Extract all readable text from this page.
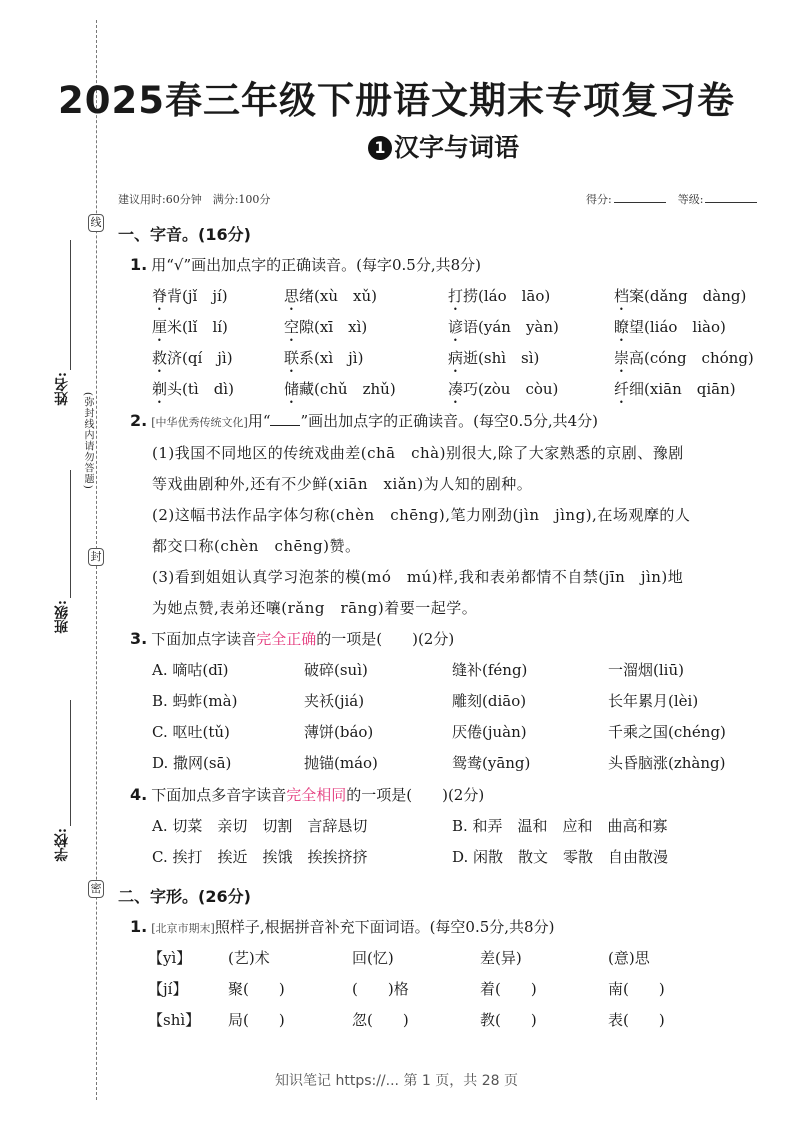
线
封
密
(弥封线内请勿答题)
姓名:
班级:
学校:
2025春三年级下册语文期末专项复习卷
1 汉字与词语
建议用时:60分钟　满分:100分	得分:	等级:
一、字音。(16分)
1. 用“√”画出加点字的正确读音。(每字0.5分,共8分)
脊背(jǐ　jí)	思绪(xù　xǔ)	打捞(láo　lāo)	档案(dǎng　dàng)
厘米(lǐ　lí)	空隙(xī　xì)	谚语(yán　yàn)	瞭望(liáo　liào)
救济(qí　jì)	联系(xì　jì)	病逝(shì　sì)	崇高(cóng　chóng)
剃头(tì　dì)	储藏(chǔ　zhǔ)	凑巧(zòu　còu)	纤细(xiān　qiān)
2. [中华优秀传统文化]用“ ”画出加点字的正确读音。(每空0.5分,共4分)
(1)我国不同地区的传统戏曲差(chā　chà)别很大,除了大家熟悉的京剧、豫剧
等戏曲剧种外,还有不少鲜(xiān　xiǎn)为人知的剧种。
(2)这幅书法作品字体匀称(chèn　chēng),笔力刚劲(jìn　jìng),在场观摩的人
都交口称(chèn　chēng)赞。
(3)看到姐姐认真学习泡茶的模(mó　mú)样,我和表弟都情不自禁(jīn　jìn)地
为她点赞,表弟还嚷(rǎng　rāng)着要一起学。
3. 下面加点字读音完全正确的一项是(　　)(2分)
A. 嘀咕(dī)	破碎(suì)	缝补(féng)	一溜烟(liū)
B. 蚂蚱(mà)	夹袄(jiá)	雕刻(diāo)	长年累月(lèi)
C. 呕吐(tǔ)	薄饼(báo)	厌倦(juàn)	千乘之国(chéng)
D. 撒网(sā)	抛锚(máo)	鸳鸯(yāng)	头昏脑涨(zhàng)
4. 下面加点多音字读音完全相同的一项是(　　)(2分)
A. 切菜　亲切　切割　言辞恳切	B. 和弄　温和　应和　曲高和寡
C. 挨打　挨近　挨饿　挨挨挤挤	D. 闲散　散文　零散　自由散漫
二、字形。(26分)
1. [北京市期末]照样子,根据拼音补充下面词语。(每空0.5分,共8分)
【yì】 (艺)术	回(忆)	差(异)	(意)思
【jí】	聚(　　)	(　　)格	着(　　)	南(　　)
【shì】 局(　　)	忽(　　)	教(　　)	表(　　)
知识笔记 https://... 第 1 页，共 28 页
